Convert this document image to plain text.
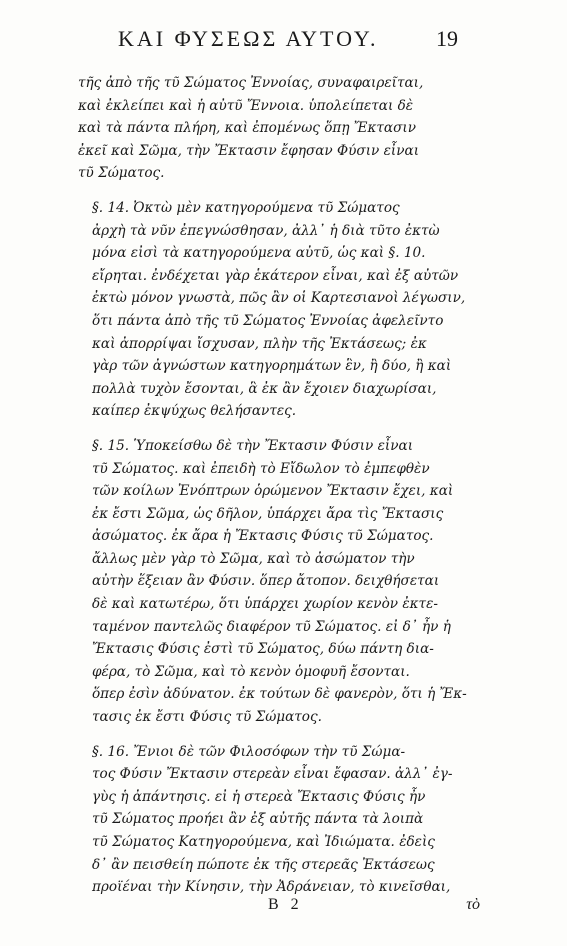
ΚΑΙ ΦΥΣΕΩΣ ΑΥΤΟΥ.	19

τῆς ἀπὸ τῆς τῦ Σώματος Ἐννοίας, συναφαιρεῖται,
καὶ ἐκλείπει καὶ ἡ αὐτῦ Ἔννοια. ὑπολείπεται δὲ
καὶ τὰ πάντα πλήρη, καὶ ἐπομένως ὅπῃ Ἔκτασιν
ἐκεῖ καὶ Σῶμα, τὴν Ἔκτασιν ἔφησαν Φύσιν εἶναι
τῦ Σώματος.

§. 14. Ὀκτὼ μὲν κατηγορούμενα τῦ Σώματος
ἀρχὴ τὰ νῦν ἐπεγνώσθησαν, ἀλλ᾽ ἡ διὰ τῦτο ἐκτὼ
μόνα εἰσὶ τὰ κατηγορούμενα αὐτῦ, ὡς καὶ §. 10.
εἴρηται. ἐνδέχεται γὰρ ἑκάτερον εἶναι, καὶ ἐξ αὐτῶν
ἐκτὼ μόνον γνωστὰ, πῶς ἂν οἱ Καρτεσιανοὶ λέγωσιν,
ὅτι πάντα ἀπὸ τῆς τῦ Σώματος Ἐννοίας ἀφελεῖντο
καὶ ἀπορρίψαι ἴσχυσαν, πλὴν τῆς Ἐκτάσεως; ἐκ
γὰρ τῶν ἀγνώστων κατηγορημάτων ἓν, ἢ δύο, ἢ καὶ
πολλὰ τυχὸν ἔσονται, ἃ ἐκ ἂν ἔχοιεν διαχωρίσαι,
καίπερ ἐκψύχως θελήσαντες.

§. 15. Ὑποκείσθω δὲ τὴν Ἔκτασιν Φύσιν εἶναι
τῦ Σώματος. καὶ ἐπειδὴ τὸ Εἴδωλον τὸ ἐμπεφθὲν
τῶν κοίλων Ἐνόπτρων ὁρώμενον Ἔκτασιν ἔχει, καὶ
ἐκ ἔστι Σῶμα, ὡς δῆλον, ὑπάρχει ἄρα τὶς Ἔκτασις
ἀσώματος. ἐκ ἄρα ἡ Ἔκτασις Φύσις τῦ Σώματος.
ἄλλως μὲν γὰρ τὸ Σῶμα, καὶ τὸ ἀσώματον τὴν
αὐτὴν ἕξειαν ἂν Φύσιν. ὅπερ ἄτοπον. δειχθήσεται
δὲ καὶ κατωτέρω, ὅτι ὑπάρχει χωρίον κενὸν ἐκτε-
ταμένον παντελῶς διαφέρον τῦ Σώματος. εἰ δ᾽ ἦν ἡ
Ἔκτασις Φύσις ἐστὶ τῦ Σώματος, δύω πάντη δια-
φέρα, τὸ Σῶμα, καὶ τὸ κενὸν ὁμοφυῆ ἔσονται.
ὅπερ ἐσὶν ἀδύνατον. ἐκ τούτων δὲ φανερὸν, ὅτι ἡ Ἔκ-
τασις ἐκ ἔστι Φύσις τῦ Σώματος.

§. 16. Ἔνιοι δὲ τῶν Φιλοσόφων τὴν τῦ Σώμα-
τος Φύσιν Ἔκτασιν στερεὰν εἶναι ἔφασαν. ἀλλ᾽ ἐγ-
γὺς ἡ ἀπάντησις. εἰ ἡ στερεὰ Ἔκτασις Φύσις ἦν
τῦ Σώματος προήει ἂν ἐξ αὐτῆς πάντα τὰ λοιπὰ
τῦ Σώματος Κατηγορούμενα, καὶ Ἰδιώματα. ἐδεὶς
δ᾽ ἂν πεισθείη πώποτε ἐκ τῆς στερεᾶς Ἐκτάσεως
προϊέναι τὴν Κίνησιν, τὴν Ἀδράνειαν, τὸ κινεῖσθαι,

B 2	τὸ
